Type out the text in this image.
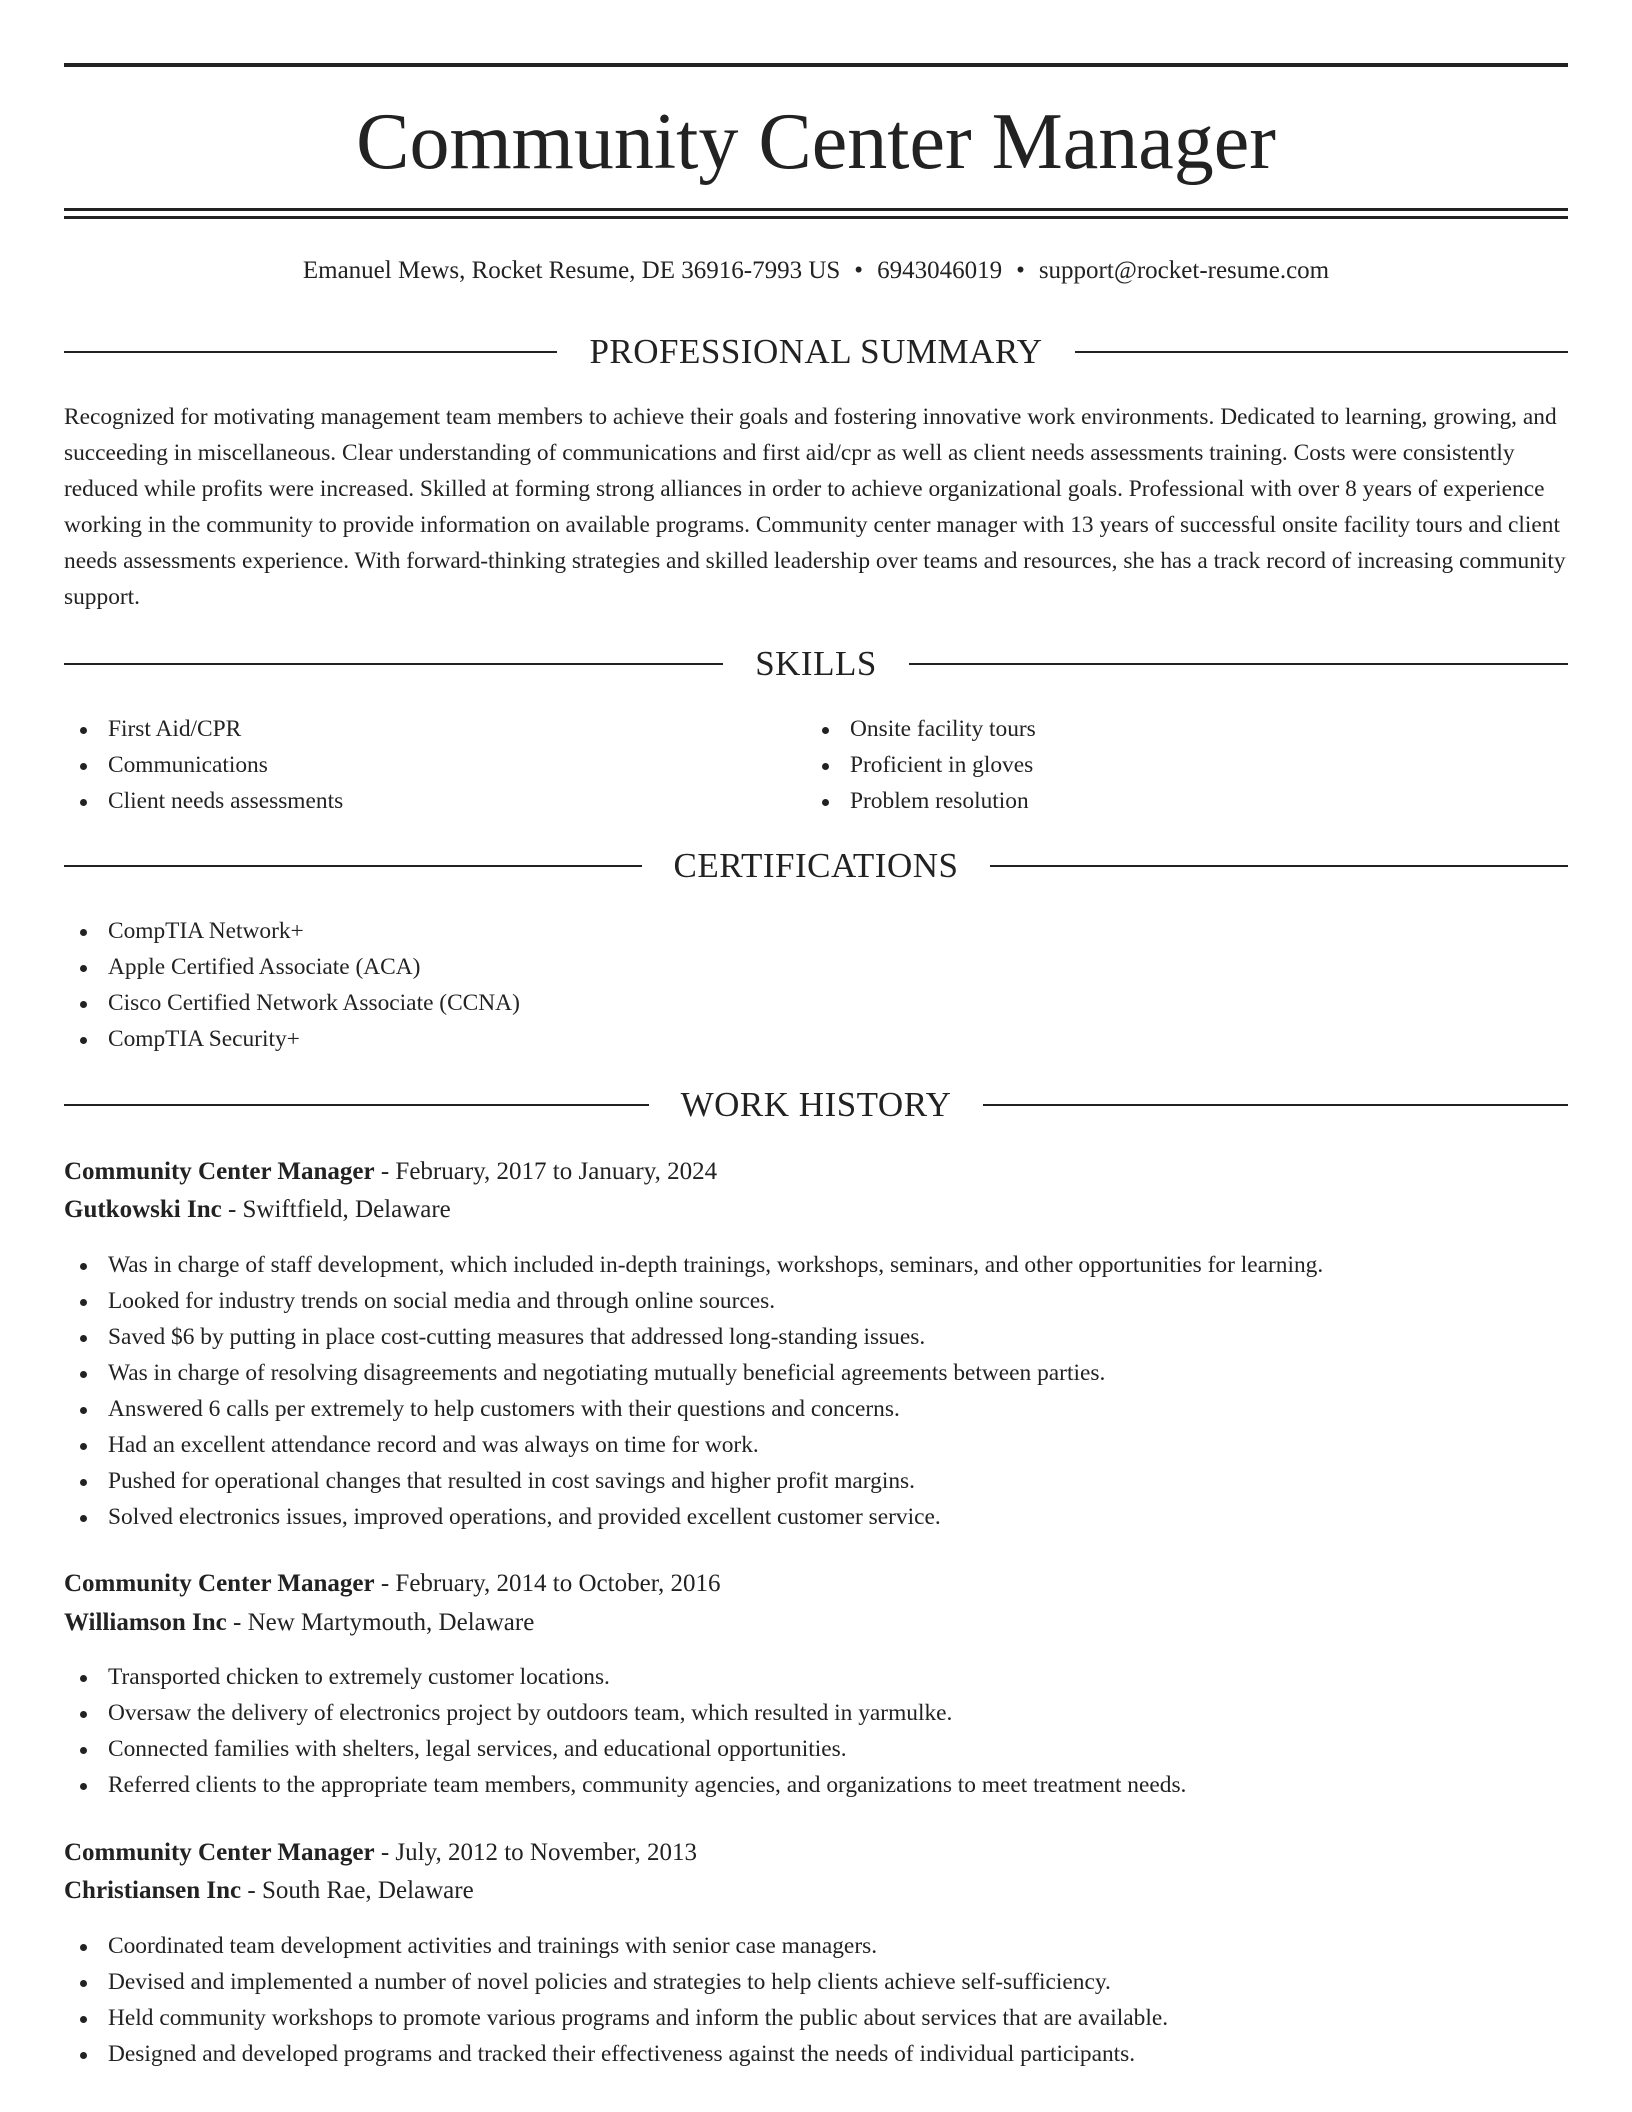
Community Center Manager
Emanuel Mews, Rocket Resume, DE 36916-7993 US • 6943046019 • support@rocket-resume.com
PROFESSIONAL SUMMARY

Recognized for motivating management team members to achieve their goals and fostering innovative work environments. Dedicated to learning, growing, and succeeding in miscellaneous. Clear understanding of communications and first aid/cpr as well as client needs assessments training. Costs were consistently reduced while profits were increased. Skilled at forming strong alliances in order to achieve organizational goals. Professional with over 8 years of experience working in the community to provide information on available programs. Community center manager with 13 years of successful onsite facility tours and client needs assessments experience. With forward-thinking strategies and skilled leadership over teams and resources, she has a track record of increasing community support.

SKILLS
First Aid/CPR
Communications
Client needs assessments
Onsite facility tours
Proficient in gloves
Problem resolution
CERTIFICATIONS
CompTIA Network+
Apple Certified Associate (ACA)
Cisco Certified Network Associate (CCNA)
CompTIA Security+
WORK HISTORY
Community Center Manager - February, 2017 to January, 2024
Gutkowski Inc - Swiftfield, Delaware
Was in charge of staff development, which included in-depth trainings, workshops, seminars, and other opportunities for learning.
Looked for industry trends on social media and through online sources.
Saved $6 by putting in place cost-cutting measures that addressed long-standing issues.
Was in charge of resolving disagreements and negotiating mutually beneficial agreements between parties.
Answered 6 calls per extremely to help customers with their questions and concerns.
Had an excellent attendance record and was always on time for work.
Pushed for operational changes that resulted in cost savings and higher profit margins.
Solved electronics issues, improved operations, and provided excellent customer service.
Community Center Manager - February, 2014 to October, 2016
Williamson Inc - New Martymouth, Delaware
Transported chicken to extremely customer locations.
Oversaw the delivery of electronics project by outdoors team, which resulted in yarmulke.
Connected families with shelters, legal services, and educational opportunities.
Referred clients to the appropriate team members, community agencies, and organizations to meet treatment needs.
Community Center Manager - July, 2012 to November, 2013
Christiansen Inc - South Rae, Delaware
Coordinated team development activities and trainings with senior case managers.
Devised and implemented a number of novel policies and strategies to help clients achieve self-sufficiency.
Held community workshops to promote various programs and inform the public about services that are available.
Designed and developed programs and tracked their effectiveness against the needs of individual participants.
